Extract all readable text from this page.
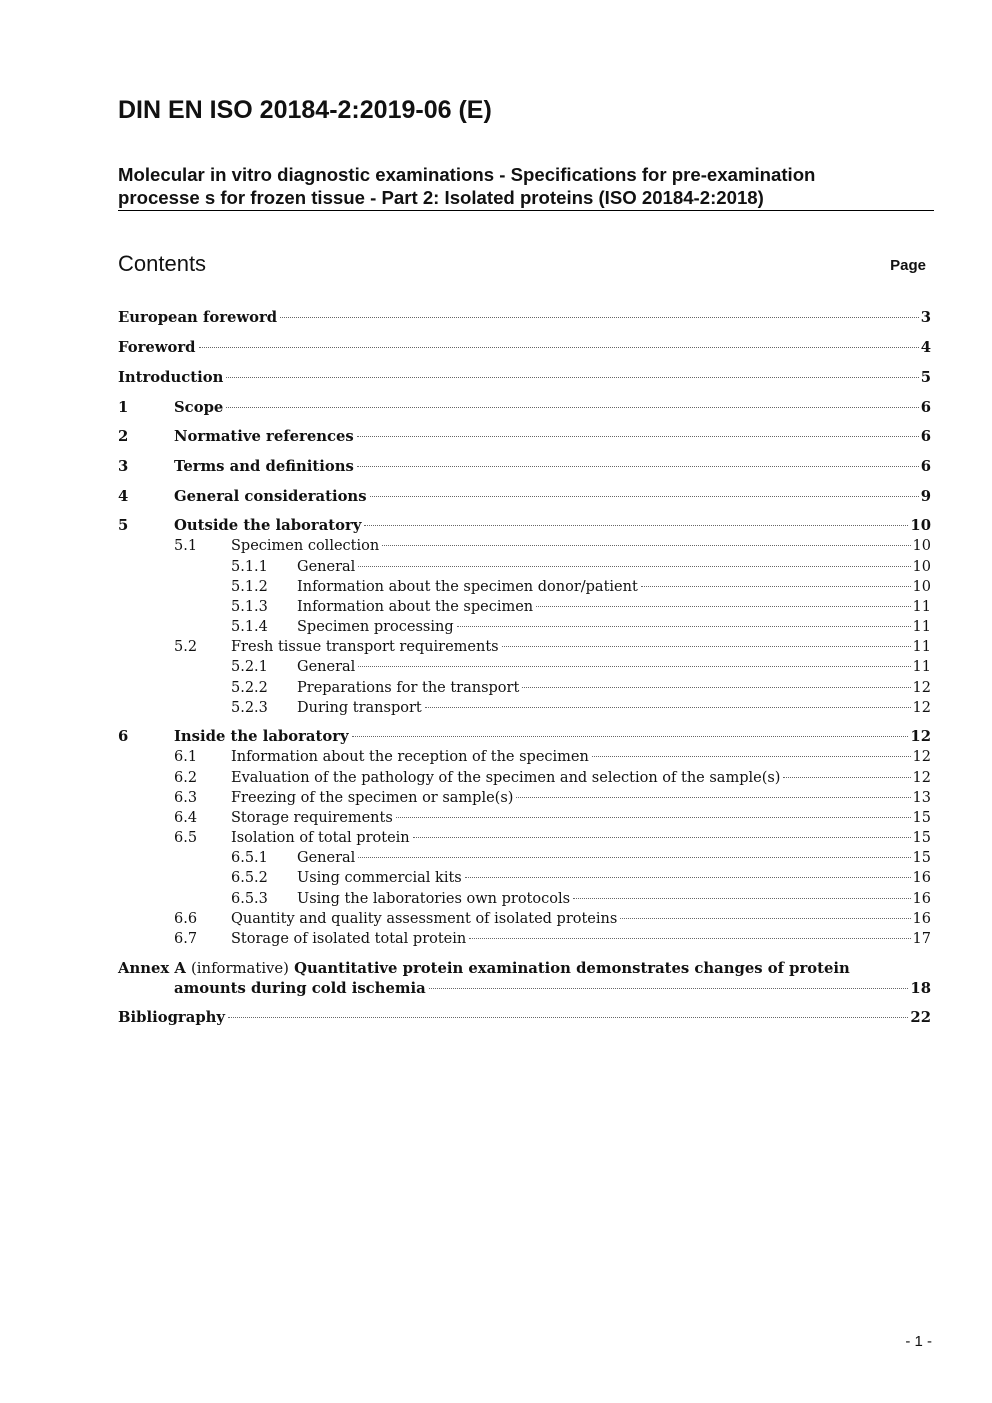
DIN EN ISO 20184-2:2019-06 (E)
Molecular in vitro diagnostic examinations - Specifications for pre-examination
processe s for frozen tissue - Part 2: Isolated proteins (ISO 20184-2:2018)
Contents	Page
European foreword	3
Foreword	4
Introduction	5
1	Scope	6
2	Normative references	6
3	Terms and definitions	6
4	General considerations	9
5	Outside the laboratory	10
5.1 Specimen collection	10
5.1.1 General	10
5.1.2 Information about the specimen donor/patient	10
5.1.3 Information about the specimen	11
5.1.4 Specimen processing	11
5.2 Fresh tissue transport requirements	11
5.2.1 General	11
5.2.2 Preparations for the transport	12
5.2.3 During transport	12
6	Inside the laboratory	12
6.1 Information about the reception of the specimen	12
6.2 Evaluation of the pathology of the specimen and selection of the sample(s)	12
6.3 Freezing of the specimen or sample(s)	13
6.4 Storage requirements	15
6.5 Isolation of total protein	15
6.5.1 General	15
6.5.2 Using commercial kits	16
6.5.3 Using the laboratories own protocols	16
6.6 Quantity and quality assessment of isolated proteins	16
6.7 Storage of isolated total protein	17
Annex A (informative) Quantitative protein examination demonstrates changes of protein
amounts during cold ischemia	18
Bibliography	22
- 1 -
